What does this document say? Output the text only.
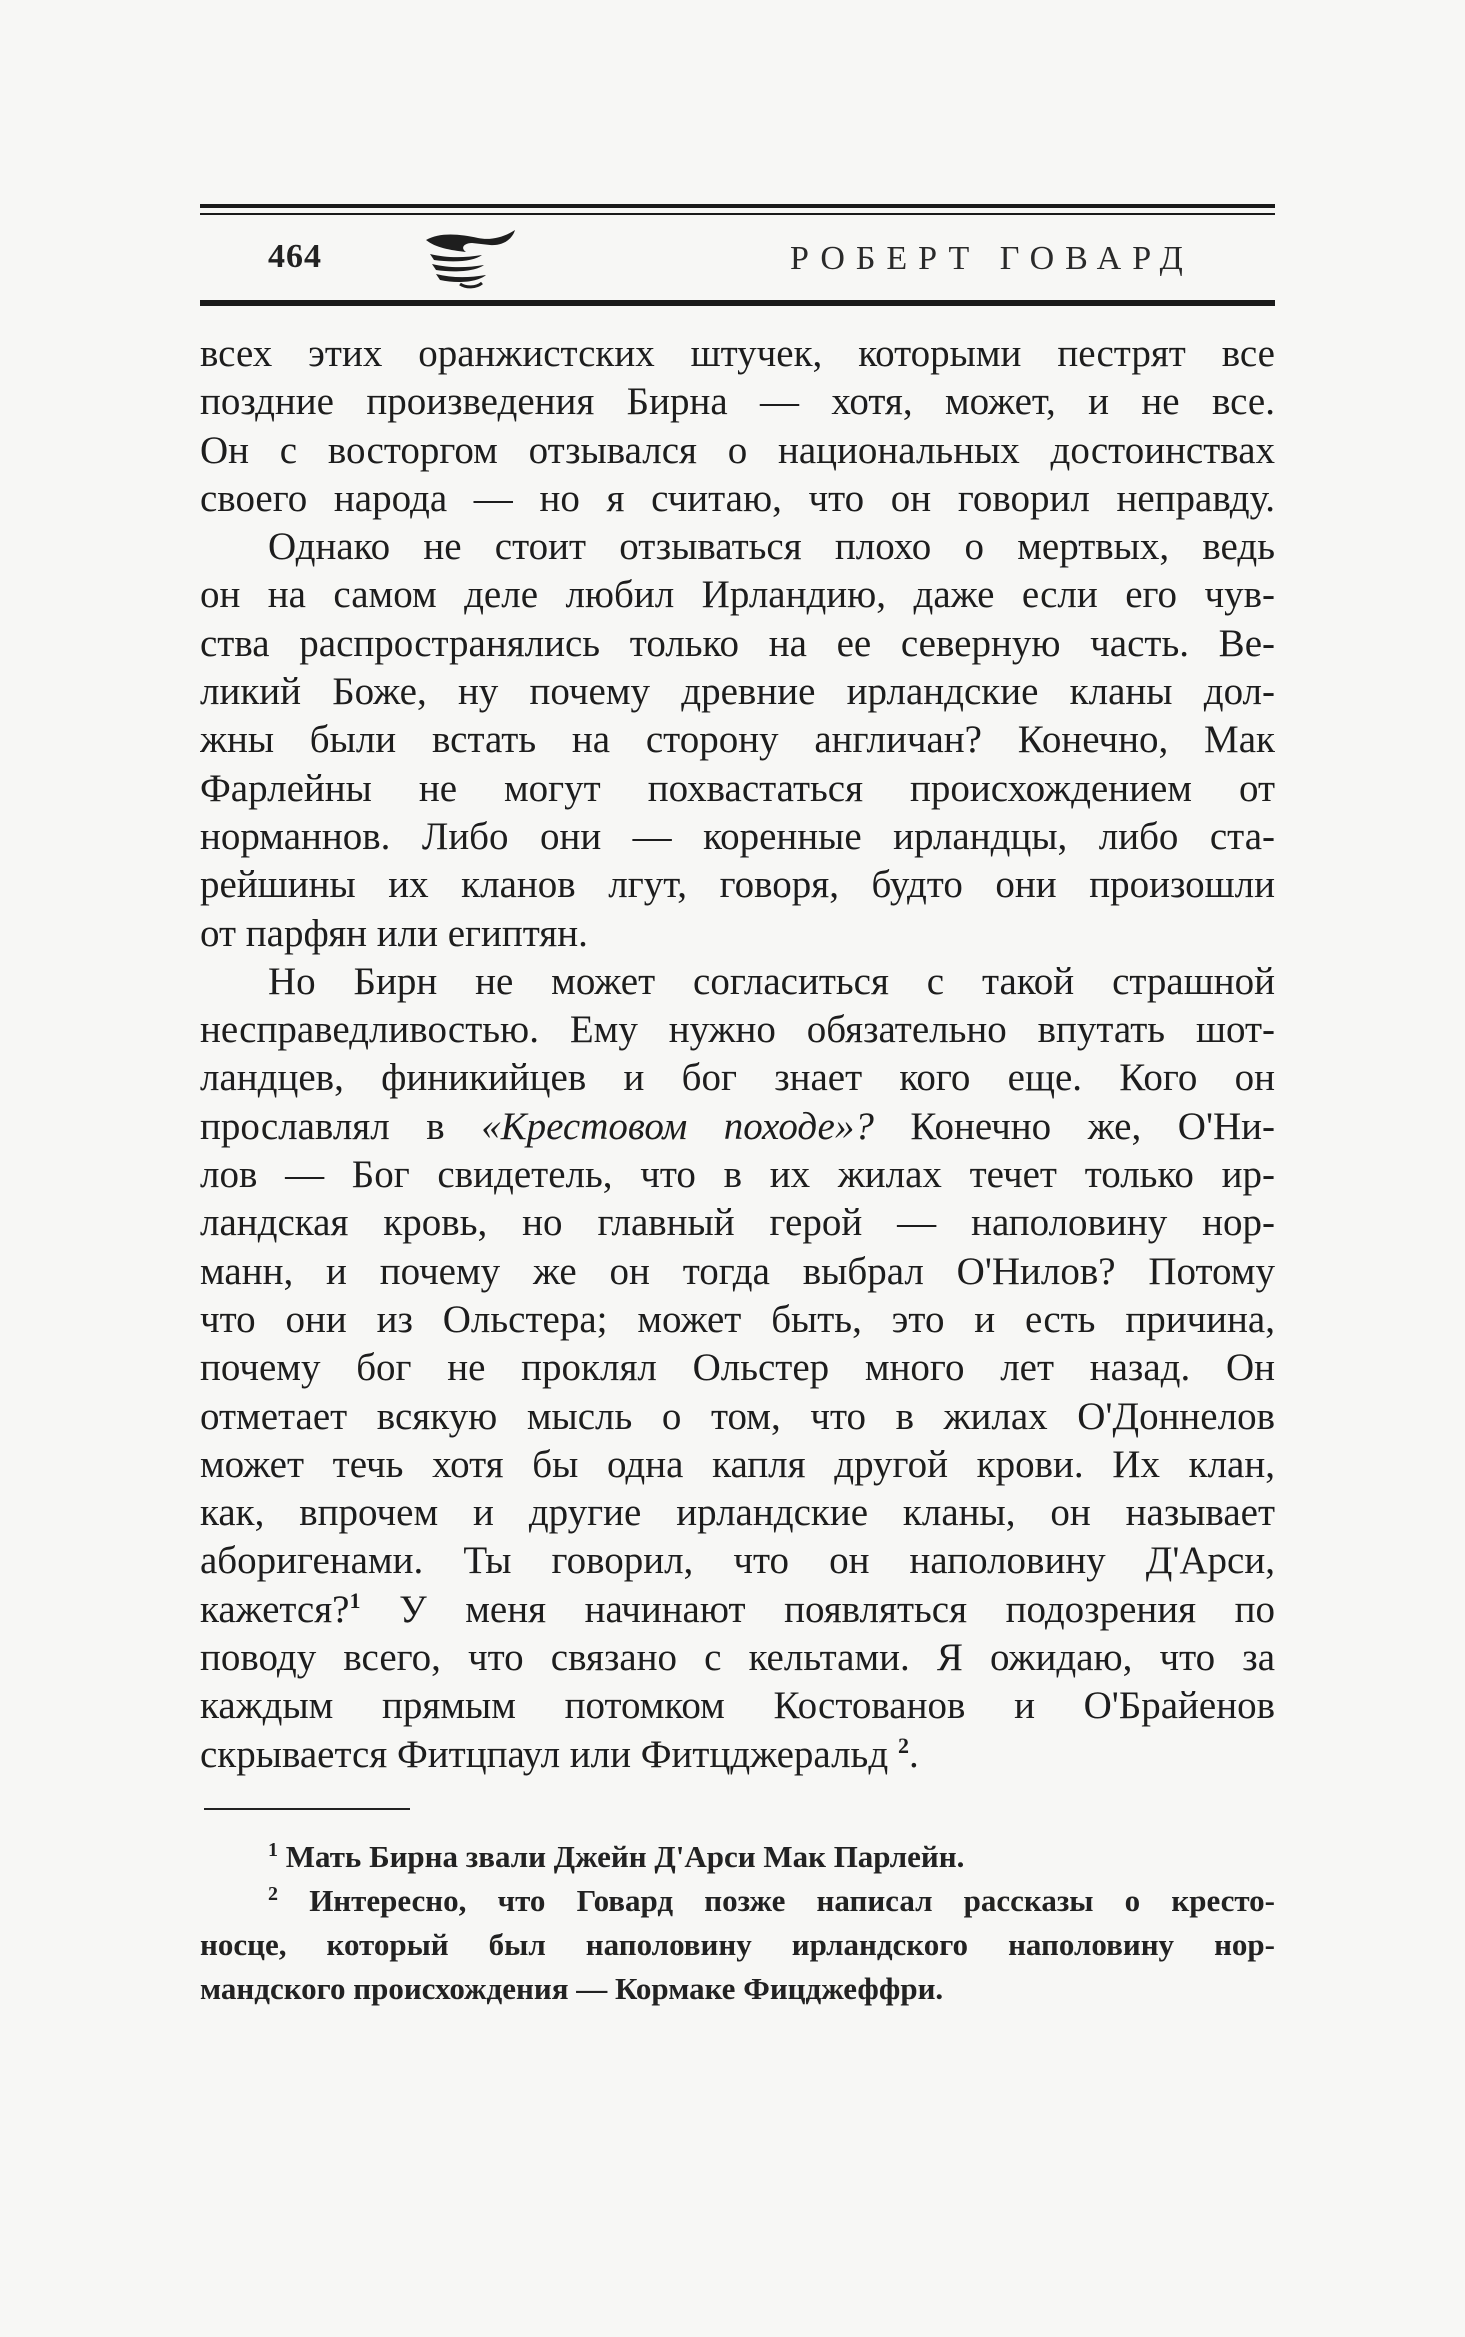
464	РОБЕРТ ГОВАРД
всех этих оранжистских штучек, которыми пестрят все
поздние произведения Бирна — хотя, может, и не все.
Он с восторгом отзывался о национальных достоинствах
своего народа — но я считаю, что он говорил неправду.
Однако не стоит отзываться плохо о мертвых, ведь
он на самом деле любил Ирландию, даже если его чув-
ства распространялись только на ее северную часть. Ве-
ликий Боже, ну почему древние ирландские кланы дол-
жны были встать на сторону англичан? Конечно, Мак
Фарлейны не могут похвастаться происхождением от
норманнов. Либо они — коренные ирландцы, либо ста-
рейшины их кланов лгут, говоря, будто они произошли
от парфян или египтян.
Но Бирн не может согласиться с такой страшной
несправедливостью. Ему нужно обязательно впутать шот-
ландцев, финикийцев и бог знает кого еще. Кого он
прославлял в «Крестовом походе»? Конечно же, О'Ни-
лов — Бог свидетель, что в их жилах течет только ир-
ландская кровь, но главный герой — наполовину нор-
манн, и почему же он тогда выбрал О'Нилов? Потому
что они из Ольстера; может быть, это и есть причина,
почему бог не проклял Ольстер много лет назад. Он
отметает всякую мысль о том, что в жилах О'Доннелов
может течь хотя бы одна капля другой крови. Их клан,
как, впрочем и другие ирландские кланы, он называет
аборигенами. Ты говорил, что он наполовину Д'Арси,
кажется?$^1$ У меня начинают появляться подозрения по
поводу всего, что связано с кельтами. Я ожидаю, что за
каждым прямым потомком Костованов и О'Брайенов
скрывается Фитцпаул или Фитцджеральд $^2$.
$^1$ Мать Бирна звали Джейн Д'Арси Мак Парлейн.
$^2$ Интересно, что Говард позже написал рассказы о кресто-
носце, который был наполовину ирландского наполовину нор-
мандского происхождения — Кормаке Фицджеффри.
